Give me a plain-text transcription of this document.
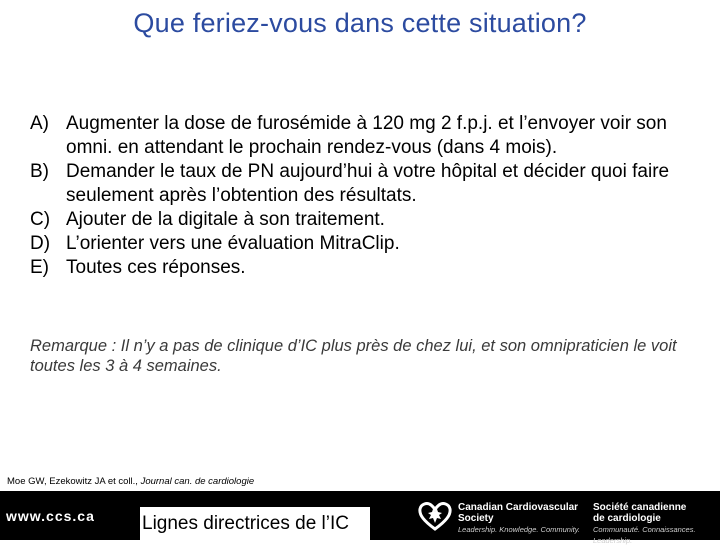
Que feriez-vous dans cette situation?
A) Augmenter la dose de furosémide à 120 mg 2 f.p.j. et l’envoyer voir son omni. en attendant le prochain rendez-vous (dans 4 mois).
B) Demander le taux de PN aujourd’hui à votre hôpital et décider quoi faire seulement après l’obtention des résultats.
C) Ajouter de la digitale à son traitement.
D) L’orienter vers une évaluation MitraClip.
E) Toutes ces réponses.
Remarque : Il n’y a pas de clinique d’IC plus près de chez lui, et son omnipraticien le voit toutes les 3 à 4 semaines.
Moe GW, Ezekowitz JA et coll., Journal can. de cardiologie
www.ccs.ca Lignes directrices de l’IC
Canadian Cardiovascular
Society
Leadership. Knowledge. Community.
Société canadienne
de cardiologie
Communauté. Connaissances. Leadership.
